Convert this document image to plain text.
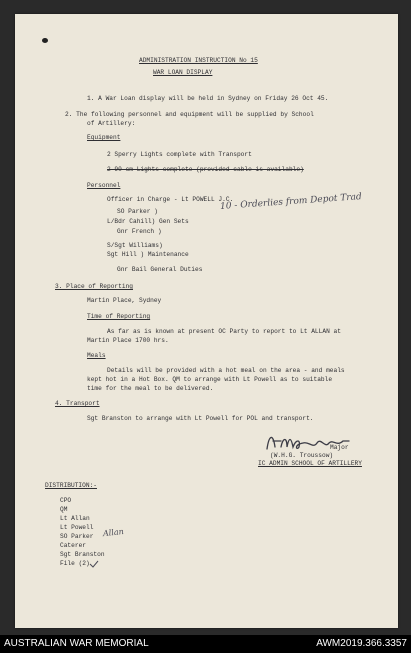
ADMINISTRATION INSTRUCTION No 15
WAR LOAN DISPLAY
1. A War Loan display will be held in Sydney on Friday 26 Oct 45.
2. The following personnel and equipment will be supplied by School
of Artillery:
Equipment
2 Sperry Lights complete with Transport
2 90 cm Lights complete (provided cable is available)
Personnel
Officer in Charge - Lt POWELL J.C.
10 - Orderlies from Depot Trad
SO Parker )
L/Bdr Cahill) Gen Sets
Gnr French )
S/Sgt Williams)
Sgt Hill ) Maintenance
Gnr Bail General Duties
3. Place of Reporting
Martin Place, Sydney
Time of Reporting
As far as is known at present OC Party to report to Lt ALLAN at
Martin Place 1700 hrs.
Meals
Details will be provided with a hot meal on the area - and meals
kept hot in a Hot Box. QM to arrange with Lt Powell as to suitable
time for the meal to be delivered.
4. Transport
Sgt Branston to arrange with Lt Powell for POL and transport.
Major
(W.H.G. Troussow)
IC ADMIN SCHOOL OF ARTILLERY
DISTRIBUTION:-
CPO
QM
Lt Allan
Lt Powell
SO Parker Allan
Caterer
Sgt Branston
File (2)
AUSTRALIAN WAR MEMORIAL	AWM2019.366.3357
